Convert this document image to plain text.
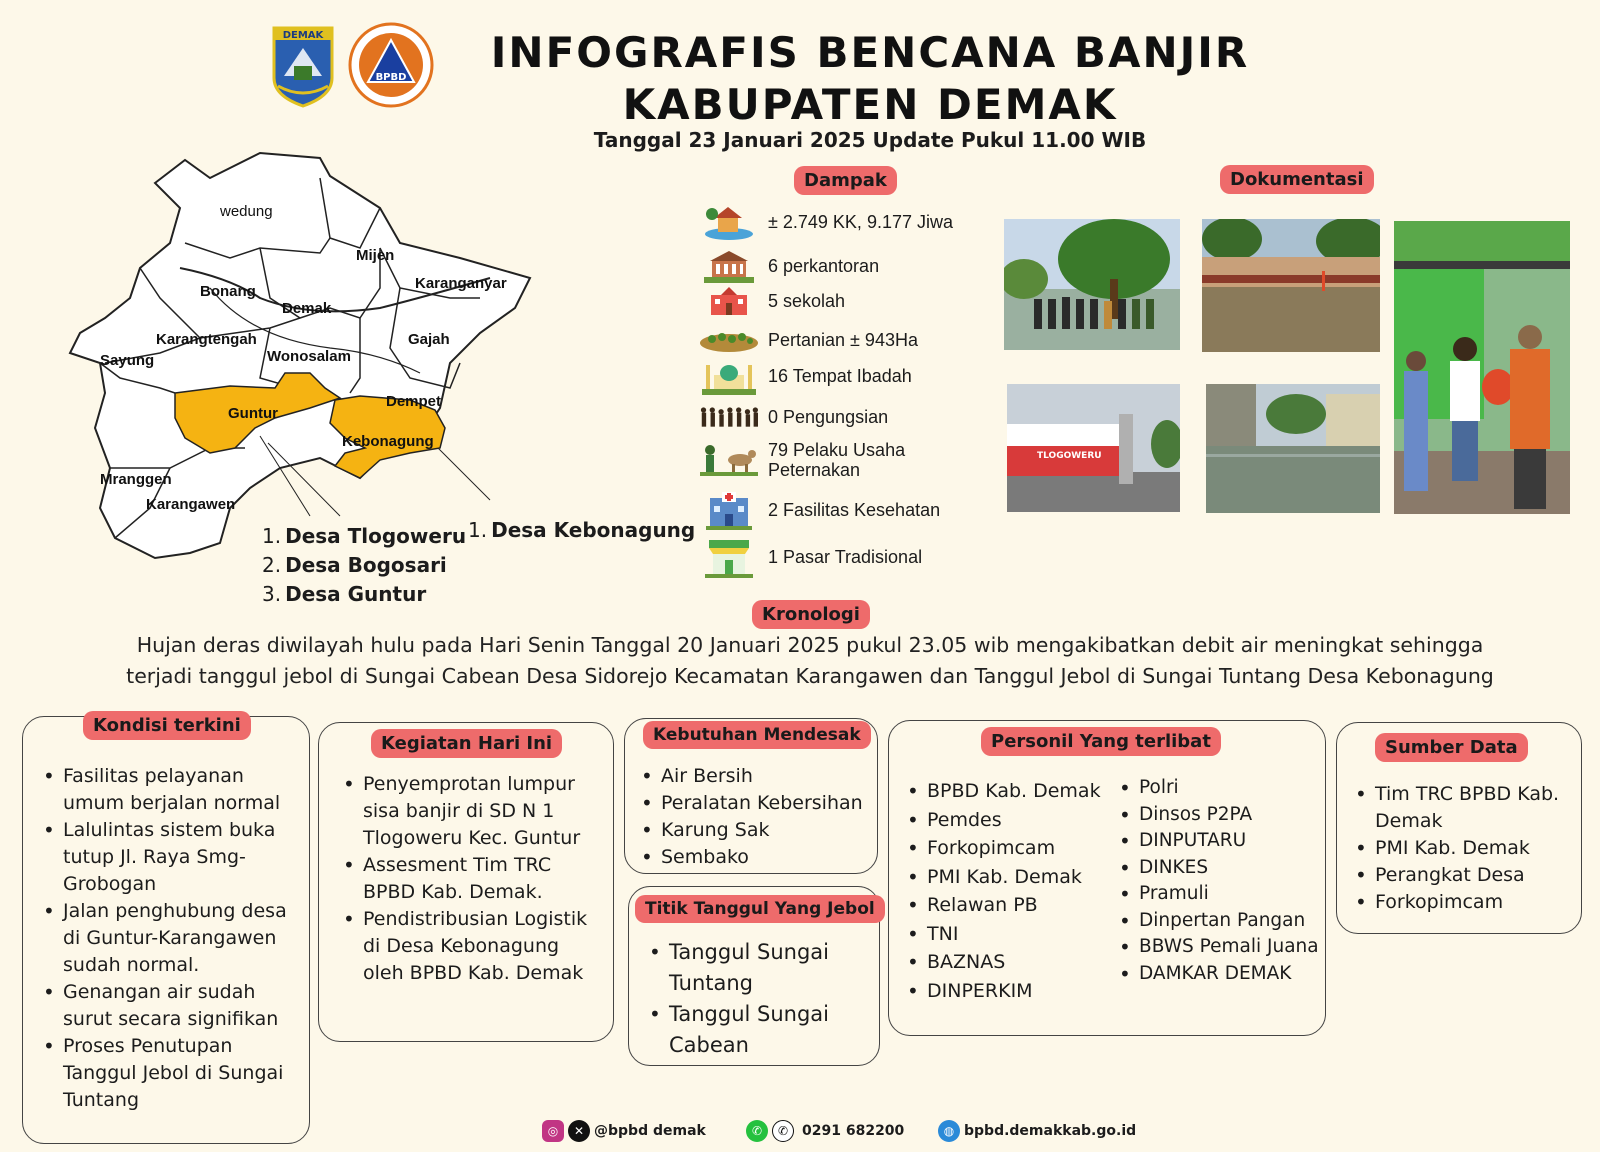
DEMAK
BPBD
INFOGRAFIS BENCANA BANJIR
KABUPATEN DEMAK
Tanggal 23 Januari 2025 Update Pukul 11.00 WIB
wedung
Mijen
Karanganyar
Bonang
Demak
Karangtengah	Gajah
Sayung	Wonosalam
Dempet
Guntur
Kebonagung
Mranggen
Karangawen
1. Desa Tlogoweru
2. Desa Bogosari
3. Desa Guntur
1. Desa Kebonagung
Dampak
± 2.749 KK, 9.177 Jiwa
6 perkantoran
5 sekolah
Pertanian ± 943Ha
16 Tempat Ibadah
0 Pengungsian
79 Pelaku Usaha Peternakan
2 Fasilitas Kesehatan
1 Pasar Tradisional
Dokumentasi
TLOGOWERU
Kronologi
Hujan deras diwilayah hulu pada Hari Senin Tanggal 20 Januari 2025 pukul 23.05 wib mengakibatkan debit air meningkat sehingga
terjadi tanggul jebol di Sungai Cabean Desa Sidorejo Kecamatan Karangawen dan Tanggul Jebol di Sungai Tuntang Desa Kebonagung
Kondisi terkini
• Fasilitas pelayanan umum berjalan normal
• Lalulintas sistem buka tutup Jl. Raya Smg-Grobogan
• Jalan penghubung desa di Guntur-Karangawen sudah normal.
• Genangan air sudah surut secara signifikan
• Proses Penutupan Tanggul Jebol di Sungai Tuntang
Kegiatan Hari Ini
• Penyemprotan lumpur sisa banjir di SD N 1 Tlogoweru Kec. Guntur
• Assesment Tim TRC BPBD Kab. Demak.
• Pendistribusian Logistik di Desa Kebonagung oleh BPBD Kab. Demak
Kebutuhan Mendesak
• Air Bersih
• Peralatan Kebersihan
• Karung Sak
• Sembako
Titik Tanggul Yang Jebol
• Tanggul Sungai Tuntang
• Tanggul Sungai Cabean
Personil Yang terlibat
• BPBD Kab. Demak
• Pemdes
• Forkopimcam
• PMI Kab. Demak
• Relawan PB
• TNI
• BAZNAS
• DINPERKIM
• Polri
• Dinsos P2PA
• DINPUTARU
• DINKES
• Pramuli
• Dinpertan Pangan
• BBWS Pemali Juana
• DAMKAR DEMAK
Sumber Data
• Tim TRC BPBD Kab. Demak
• PMI Kab. Demak
• Perangkat Desa
• Forkopimcam
◎	✕ @bpbd demak	✆	✆ 0291 682200	◍ bpbd.demakkab.go.id
